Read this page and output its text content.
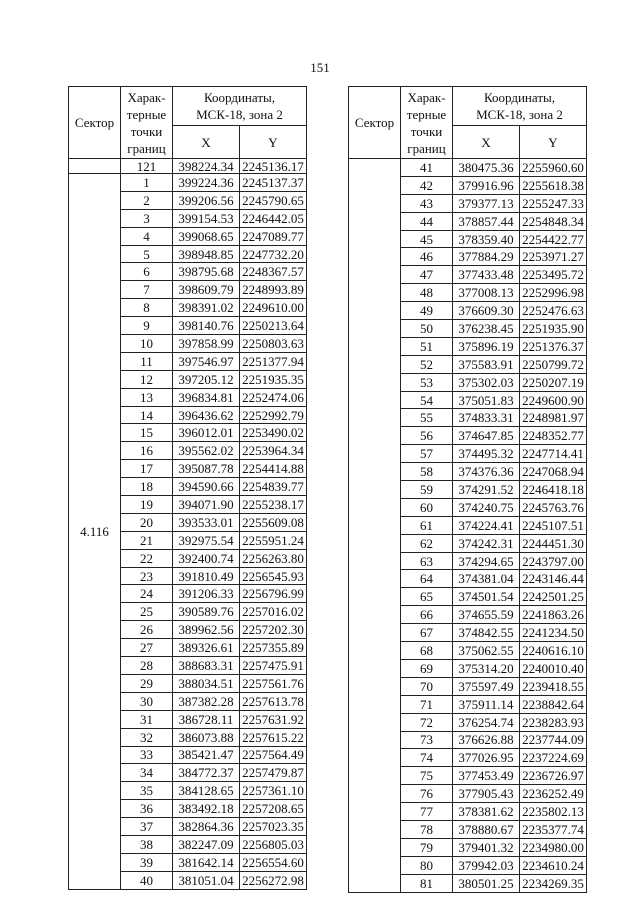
151
Сектор	Харак-
терные
точки
границ	Координаты,
МСК-18, зона 2	

		X	Y
	121	398224.34	2245136.17
4.116	1	399224.36	2245137.37
	2	399206.56	2245790.65
	3	399154.53	2246442.05
	4	399068.65	2247089.77
	5	398948.85	2247732.20
	6	398795.68	2248367.57
	7	398609.79	2248993.89
	8	398391.02	2249610.00
	9	398140.76	2250213.64
	10	397858.99	2250803.63
	11	397546.97	2251377.94
	12	397205.12	2251935.35
	13	396834.81	2252474.06
	14	396436.62	2252992.79
	15	396012.01	2253490.02
	16	395562.02	2253964.34
	17	395087.78	2254414.88
	18	394590.66	2254839.77
	19	394071.90	2255238.17
	20	393533.01	2255609.08
	21	392975.54	2255951.24
	22	392400.74	2256263.80
	23	391810.49	2256545.93
	24	391206.33	2256796.99
	25	390589.76	2257016.02
	26	389962.56	2257202.30
	27	389326.61	2257355.89
	28	388683.31	2257475.91
	29	388034.51	2257561.76
	30	387382.28	2257613.78
	31	386728.11	2257631.92
	32	386073.88	2257615.22
	33	385421.47	2257564.49
	34	384772.37	2257479.87
	35	384128.65	2257361.10
	36	383492.18	2257208.65
	37	382864.36	2257023.35
	38	382247.09	2256805.03
	39	381642.14	2256554.60
	40	381051.04	2256272.98
Сектор	Харак-
терные
точки
границ	Координаты,
МСК-18, зона 2	

		X	Y
	41	380475.36	2255960.60
	42	379916.96	2255618.38
	43	379377.13	2255247.33
	44	378857.44	2254848.34
	45	378359.40	2254422.77
	46	377884.29	2253971.27
	47	377433.48	2253495.72
	48	377008.13	2252996.98
	49	376609.30	2252476.63
	50	376238.45	2251935.90
	51	375896.19	2251376.37
	52	375583.91	2250799.72
	53	375302.03	2250207.19
	54	375051.83	2249600.90
	55	374833.31	2248981.97
	56	374647.85	2248352.77
	57	374495.32	2247714.41
	58	374376.36	2247068.94
	59	374291.52	2246418.18
	60	374240.75	2245763.76
	61	374224.41	2245107.51
	62	374242.31	2244451.30
	63	374294.65	2243797.00
	64	374381.04	2243146.44
	65	374501.54	2242501.25
	66	374655.59	2241863.26
	67	374842.55	2241234.50
	68	375062.55	2240616.10
	69	375314.20	2240010.40
	70	375597.49	2239418.55
	71	375911.14	2238842.64
	72	376254.74	2238283.93
	73	376626.88	2237744.09
	74	377026.95	2237224.69
	75	377453.49	2236726.97
	76	377905.43	2236252.49
	77	378381.62	2235802.13
	78	378880.67	2235377.74
	79	379401.32	2234980.00
	80	379942.03	2234610.24
	81	380501.25	2234269.35
